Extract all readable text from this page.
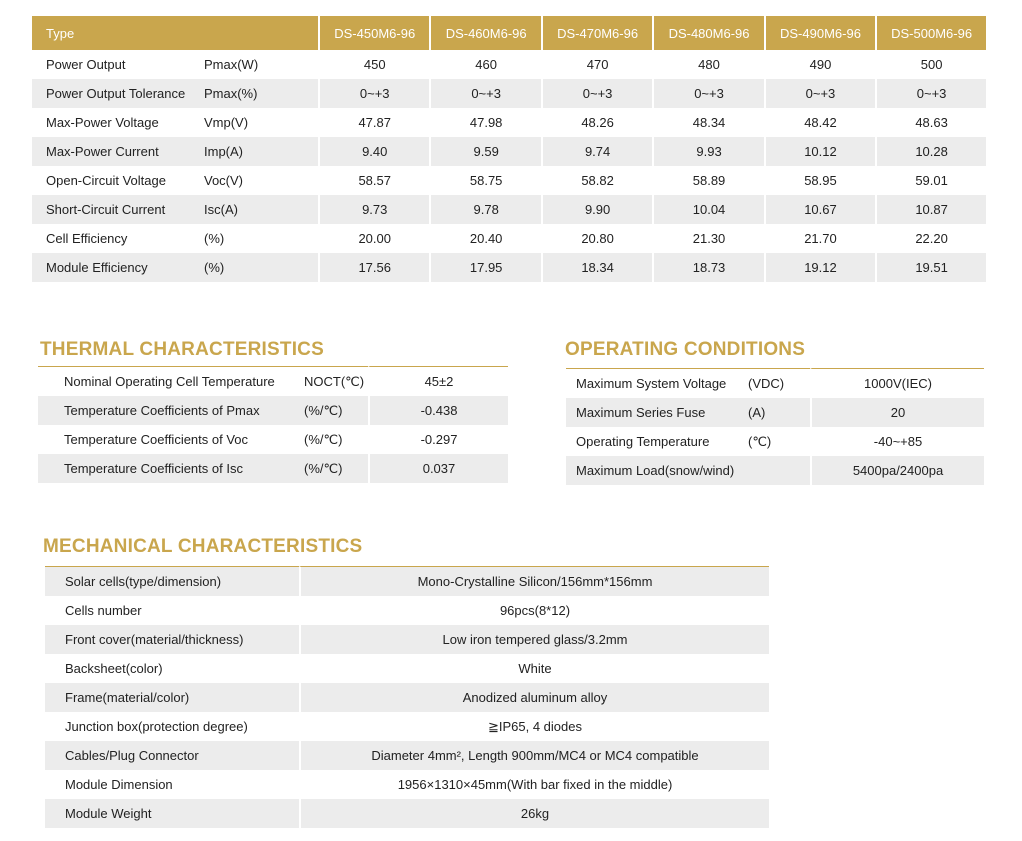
Type		DS-450M6-96	DS-460M6-96	DS-470M6-96	DS-480M6-96	DS-490M6-96	DS-500M6-96
Power Output	Pmax(W)	450	460	470	480	490	500
Power Output Tolerance	Pmax(%)	0~+3	0~+3	0~+3	0~+3	0~+3	0~+3
Max-Power Voltage	Vmp(V)	47.87	47.98	48.26	48.34	48.42	48.63
Max-Power Current	Imp(A)	9.40	9.59	9.74	9.93	10.12	10.28
Open-Circuit Voltage	Voc(V)	58.57	58.75	58.82	58.89	58.95	59.01
Short-Circuit Current	Isc(A)	9.73	9.78	9.90	10.04	10.67	10.87
Cell Efficiency	(%)	20.00	20.40	20.80	21.30	21.70	22.20
Module Efficiency	(%)	17.56	17.95	18.34	18.73	19.12	19.51
THERMAL CHARACTERISTICS
Nominal Operating Cell Temperature	NOCT(℃)	45±2
Temperature Coefficients of Pmax	(%/℃)	-0.438
Temperature Coefficients of Voc	(%/℃)	-0.297
Temperature Coefficients of Isc	(%/℃)	0.037
OPERATING CONDITIONS
Maximum System Voltage	(VDC)	1000V(IEC)
Maximum Series Fuse	(A)	20
Operating Temperature	(℃)	-40~+85
Maximum Load(snow/wind)		5400pa/2400pa
MECHANICAL CHARACTERISTICS
Solar cells(type/dimension)	Mono-Crystalline Silicon/156mm*156mm
Cells number	96pcs(8*12)
Front cover(material/thickness)	Low iron tempered glass/3.2mm
Backsheet(color)	White
Frame(material/color)	Anodized aluminum alloy
Junction box(protection degree)	≧IP65, 4 diodes
Cables/Plug Connector	Diameter 4mm², Length 900mm/MC4 or MC4 compatible
Module Dimension	1956×1310×45mm(With bar fixed in the middle)
Module Weight	26kg
